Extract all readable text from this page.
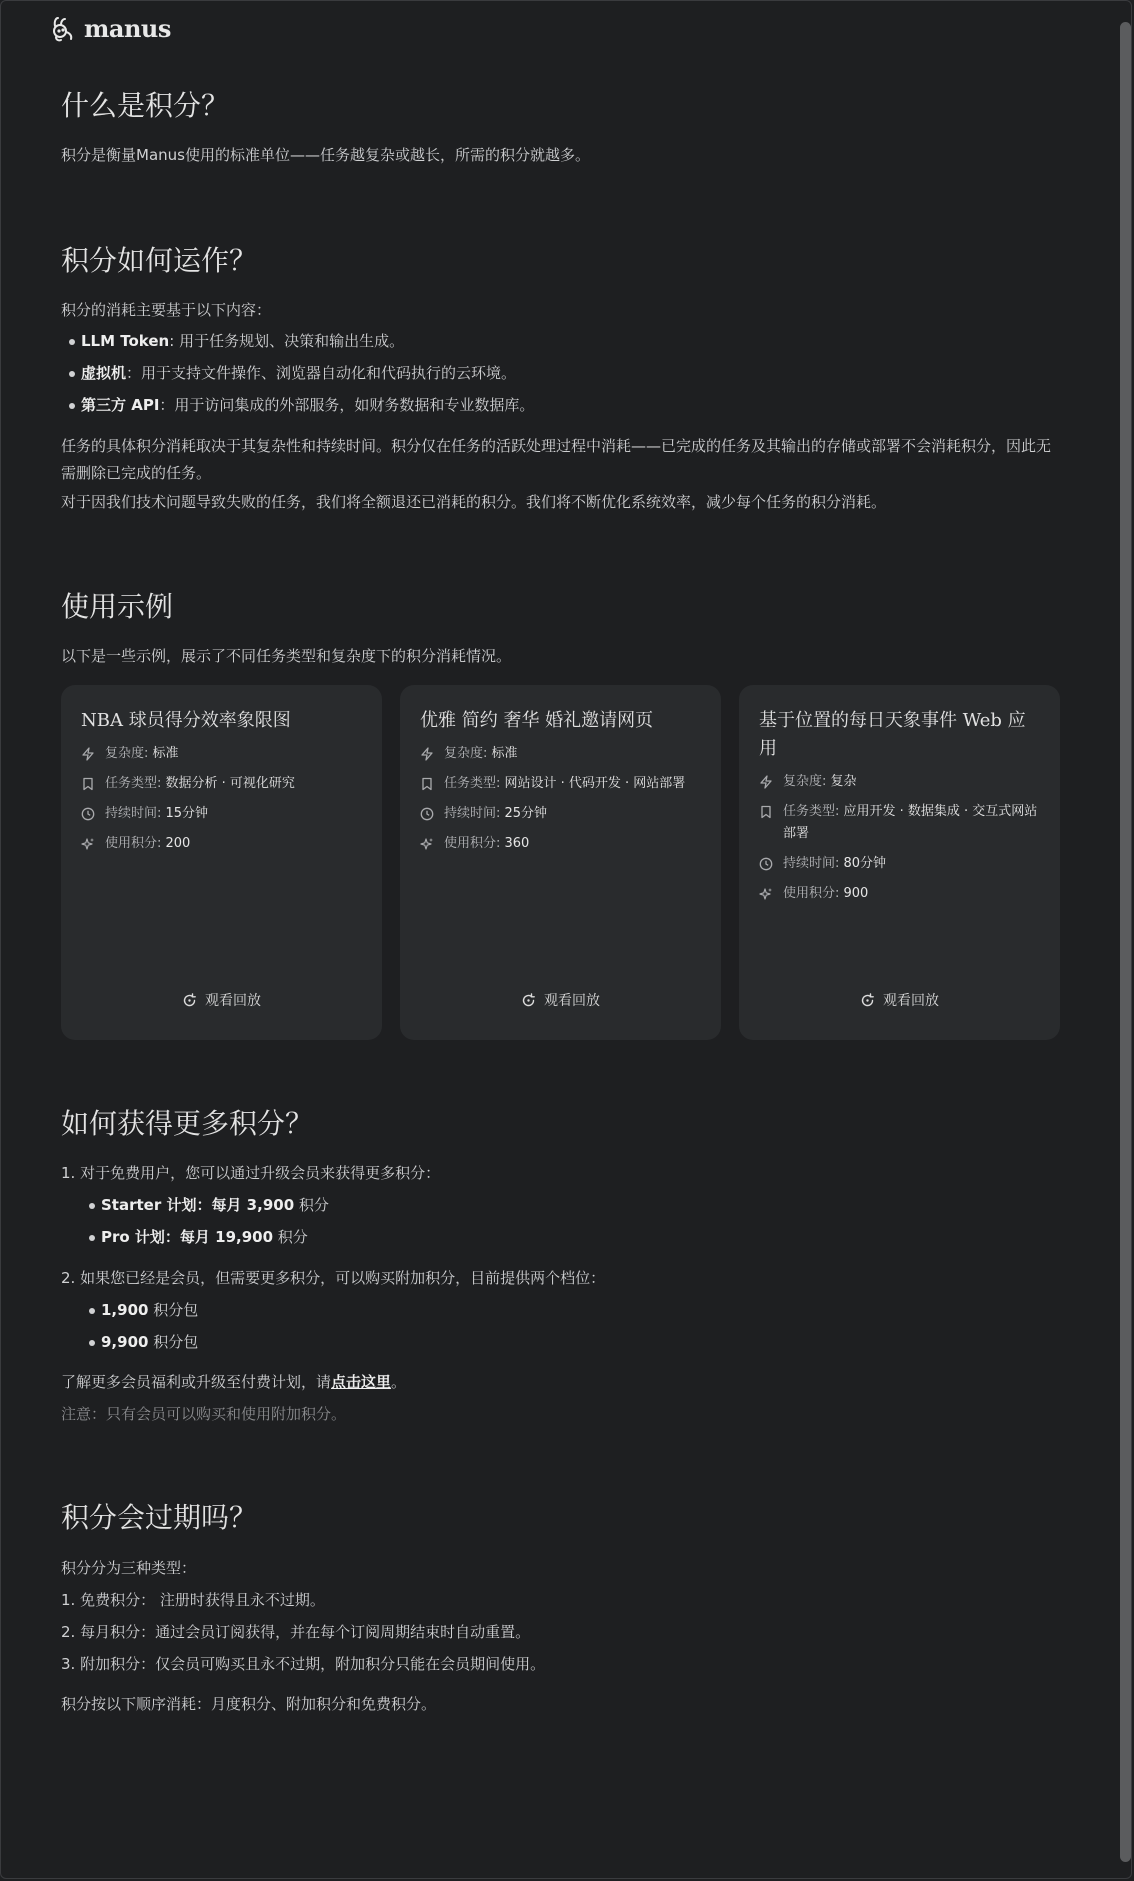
manus
什么是积分？
积分是衡量Manus使用的标准单位——任务越复杂或越长，所需的积分就越多。
积分如何运作？
积分的消耗主要基于以下内容：
LLM Token: 用于任务规划、决策和输出生成。
虚拟机：用于支持文件操作、浏览器自动化和代码执行的云环境。
第三方 API：用于访问集成的外部服务，如财务数据和专业数据库。
任务的具体积分消耗取决于其复杂性和持续时间。积分仅在任务的活跃处理过程中消耗——已完成的任务及其输出的存储或部署不会消耗积分，因此无需删除已完成的任务。
对于因我们技术问题导致失败的任务，我们将全额退还已消耗的积分。我们将不断优化系统效率，减少每个任务的积分消耗。
使用示例
以下是一些示例，展示了不同任务类型和复杂度下的积分消耗情况。
NBA 球员得分效率象限图
复杂度: 标准
任务类型: 数据分析 · 可视化研究
持续时间: 15分钟
使用积分: 200
观看回放
优雅 简约 奢华 婚礼邀请网页
复杂度: 标准
任务类型: 网站设计 · 代码开发 · 网站部署
持续时间: 25分钟
使用积分: 360
观看回放
基于位置的每日天象事件 Web 应用
复杂度: 复杂
任务类型: 应用开发 · 数据集成 · 交互式网站部署
持续时间: 80分钟
使用积分: 900
观看回放
如何获得更多积分？
1. 对于免费用户，您可以通过升级会员来获得更多积分：
Starter 计划：每月 3,900 积分
Pro 计划：每月 19,900 积分
2. 如果您已经是会员，但需要更多积分，可以购买附加积分，目前提供两个档位：
1,900 积分包
9,900 积分包
了解更多会员福利或升级至付费计划，请点击这里。
注意：只有会员可以购买和使用附加积分。
积分会过期吗？
积分分为三种类型：
1. 免费积分： 注册时获得且永不过期。
2. 每月积分：通过会员订阅获得，并在每个订阅周期结束时自动重置。
3. 附加积分：仅会员可购买且永不过期，附加积分只能在会员期间使用。
积分按以下顺序消耗：月度积分、附加积分和免费积分。
